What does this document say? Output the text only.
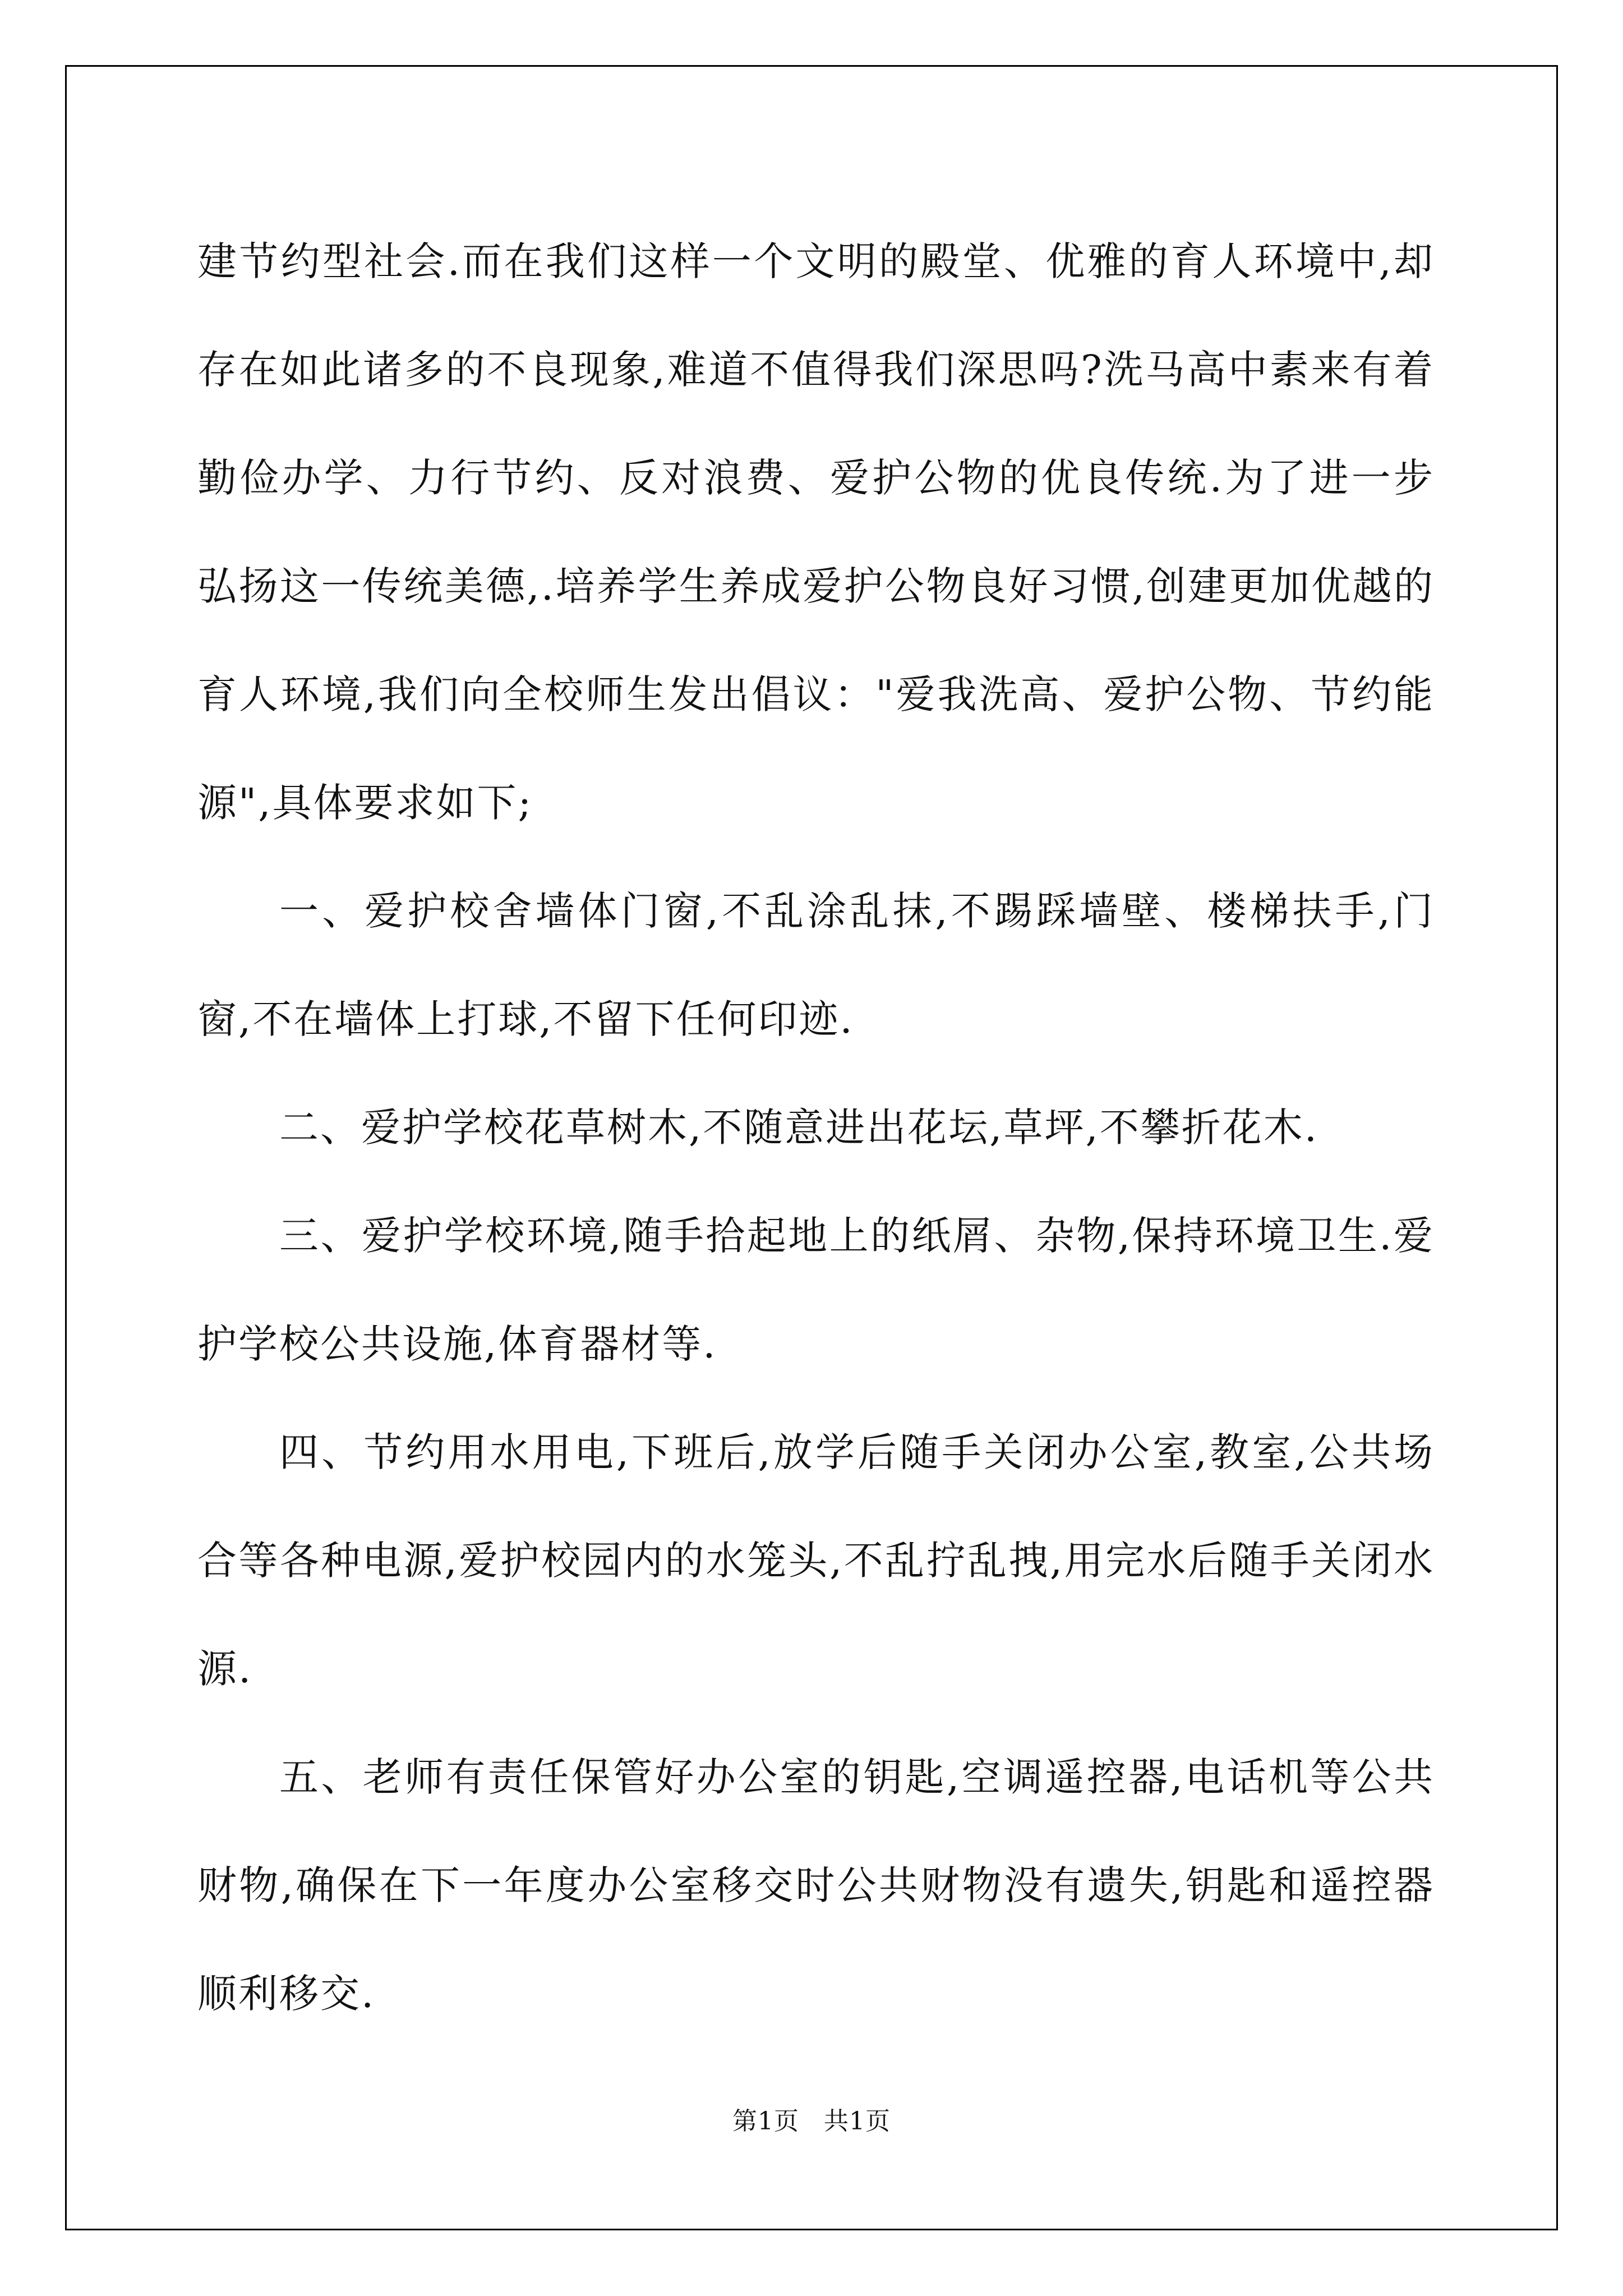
建节约型社会.而在我们这样一个文明的殿堂、优雅的育人环境中,却存在如此诸多的不良现象,难道不值得我们深思吗?洗马高中素来有着勤俭办学、力行节约、反对浪费、爱护公物的优良传统.为了进一步弘扬这一传统美德,.培养学生养成爱护公物良好习惯,创建更加优越的育人环境,我们向全校师生发出倡议："爱我洗高、爱护公物、节约能源",具体要求如下;

一、爱护校舍墙体门窗,不乱涂乱抹,不踢踩墙壁、楼梯扶手,门窗,不在墙体上打球,不留下任何印迹.

二、爱护学校花草树木,不随意进出花坛,草坪,不攀折花木.

三、爱护学校环境,随手拾起地上的纸屑、杂物,保持环境卫生.爱护学校公共设施,体育器材等.

四、节约用水用电,下班后,放学后随手关闭办公室,教室,公共场合等各种电源,爱护校园内的水笼头,不乱拧乱拽,用完水后随手关闭水源.

五、老师有责任保管好办公室的钥匙,空调遥控器,电话机等公共财物,确保在下一年度办公室移交时公共财物没有遗失,钥匙和遥控器顺利移交.

第1页 共1页
